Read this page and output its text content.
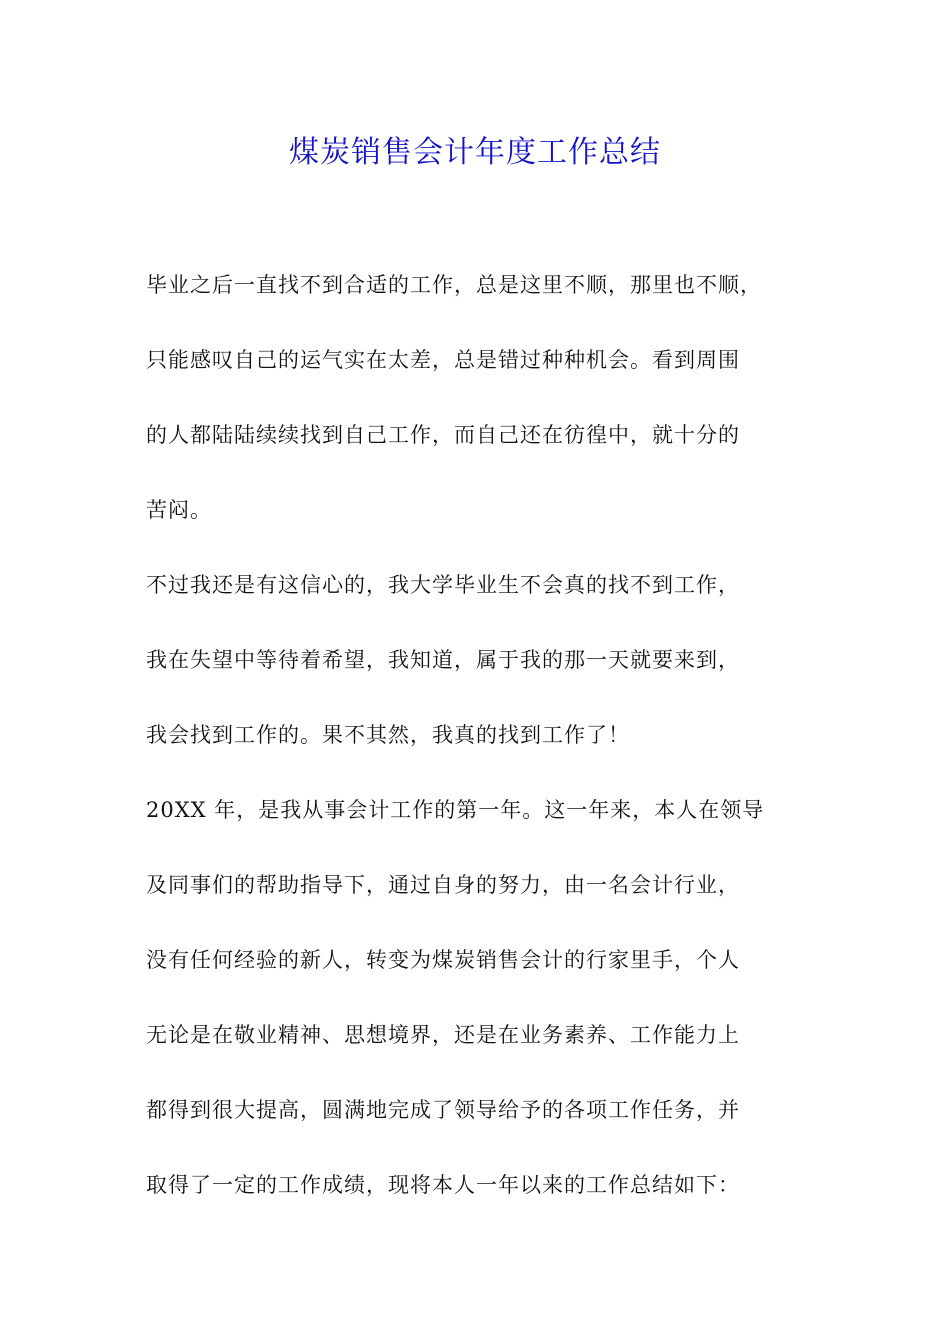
煤炭销售会计年度工作总结
毕业之后一直找不到合适的工作，总是这里不顺，那里也不顺，
只能感叹自己的运气实在太差，总是错过种种机会。看到周围
的人都陆陆续续找到自己工作，而自己还在彷徨中，就十分的
苦闷。
不过我还是有这信心的，我大学毕业生不会真的找不到工作，
我在失望中等待着希望，我知道，属于我的那一天就要来到，
我会找到工作的。果不其然，我真的找到工作了！
20XX 年，是我从事会计工作的第一年。这一年来，本人在领导
及同事们的帮助指导下，通过自身的努力，由一名会计行业，
没有任何经验的新人，转变为煤炭销售会计的行家里手，个人
无论是在敬业精神、思想境界，还是在业务素养、工作能力上
都得到很大提高，圆满地完成了领导给予的各项工作任务，并
取得了一定的工作成绩，现将本人一年以来的工作总结如下：
